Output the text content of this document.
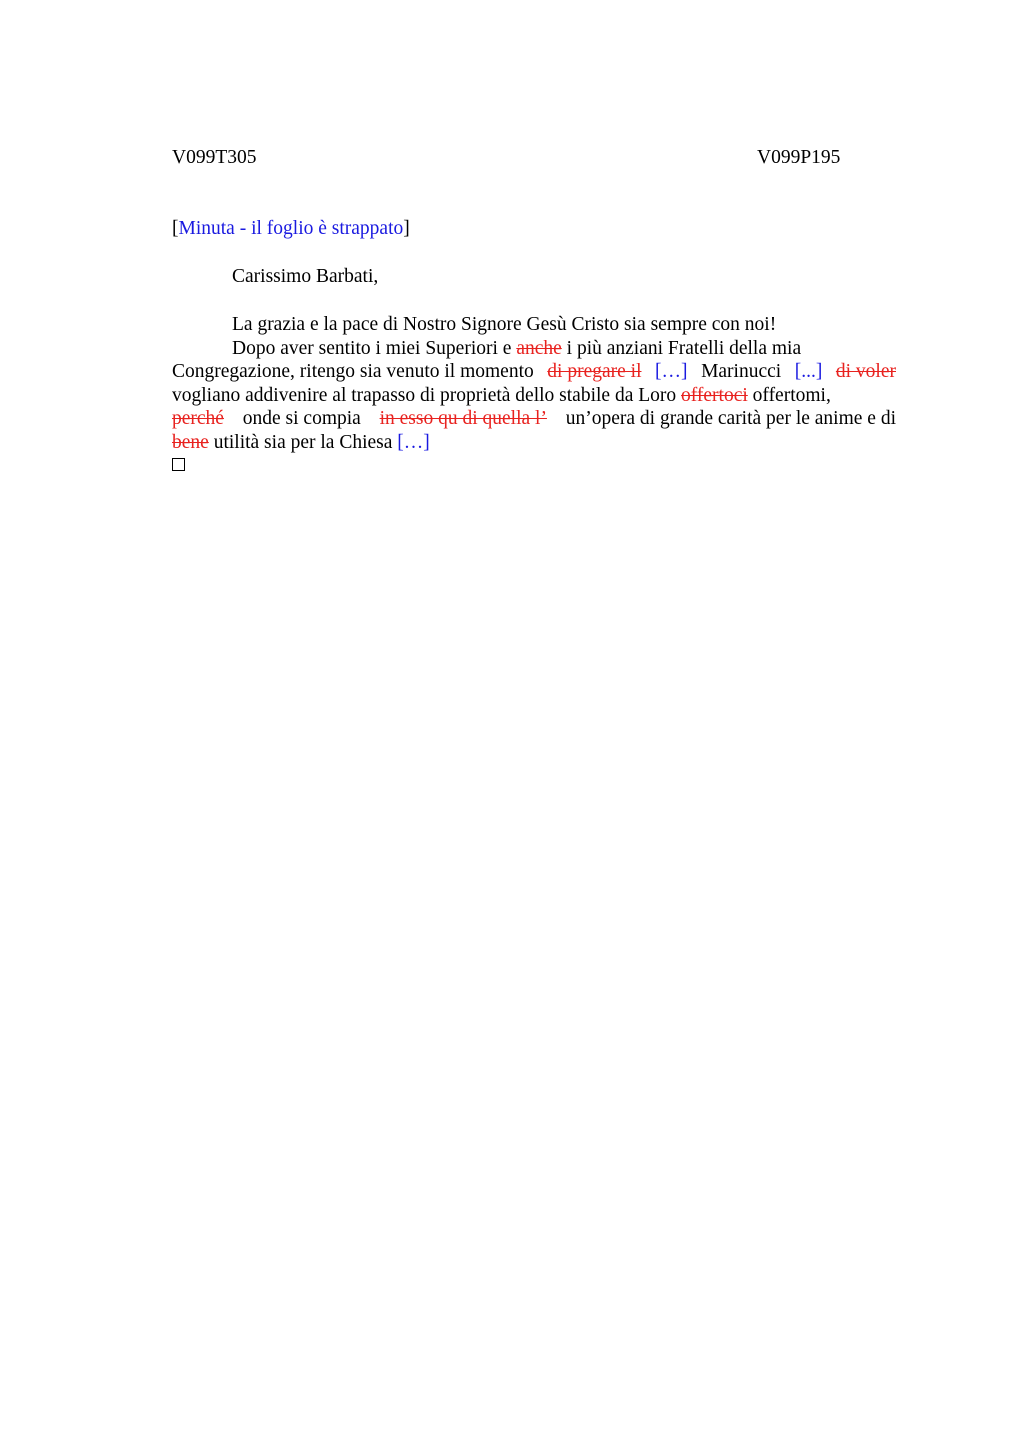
V099T305	V099P195
[Minuta - il foglio è strappato]
Carissimo Barbati,
La grazia e la pace di Nostro Signore Gesù Cristo sia sempre con noi!
Dopo aver sentito i miei Superiori e anche i più anziani Fratelli della mia
Congregazione, ritengo sia venuto il momento di pregare il […] Marinucci [...] di voler
vogliano addivenire al trapasso di proprietà dello stabile da Loro offertoci offertomi,
perché onde si compia in esso qu di quella l’ un’opera di grande carità per le anime e di
bene utilità sia per la Chiesa […]
